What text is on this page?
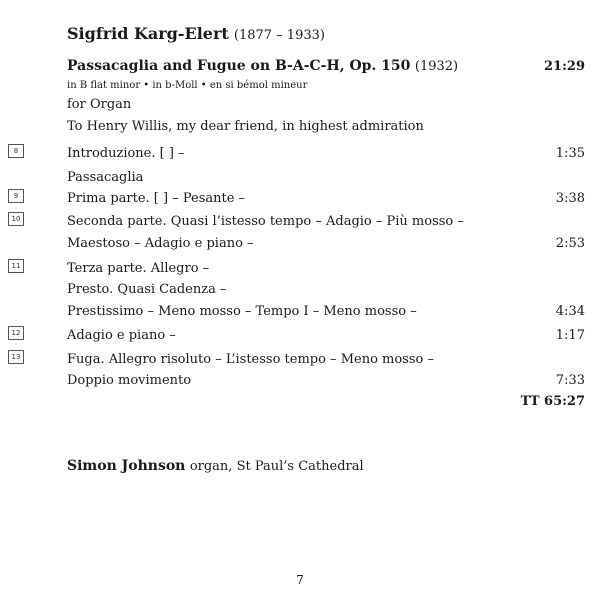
Sigfrid Karg-Elert (1877 – 1933)
Passacaglia and Fugue on B-A-C-H, Op. 150 (1932)	21:29
in B flat minor • in b-Moll • en si bémol mineur
for Organ
To Henry Willis, my dear friend, in highest admiration
8	Introduzione. [ ] –	1:35
Passacaglia
9	Prima parte. [ ] – Pesante –	3:38
10	Seconda parte. Quasi l’istesso tempo – Adagio – Più mosso –
Maestoso – Adagio e piano –	2:53
11	Terza parte. Allegro –
Presto. Quasi Cadenza –
Prestissimo – Meno mosso – Tempo I – Meno mosso –	4:34
12	Adagio e piano –	1:17
13	Fuga. Allegro risoluto – L’istesso tempo – Meno mosso –
Doppio movimento	7:33
TT 65:27
Simon Johnson organ, St Paul’s Cathedral
7
